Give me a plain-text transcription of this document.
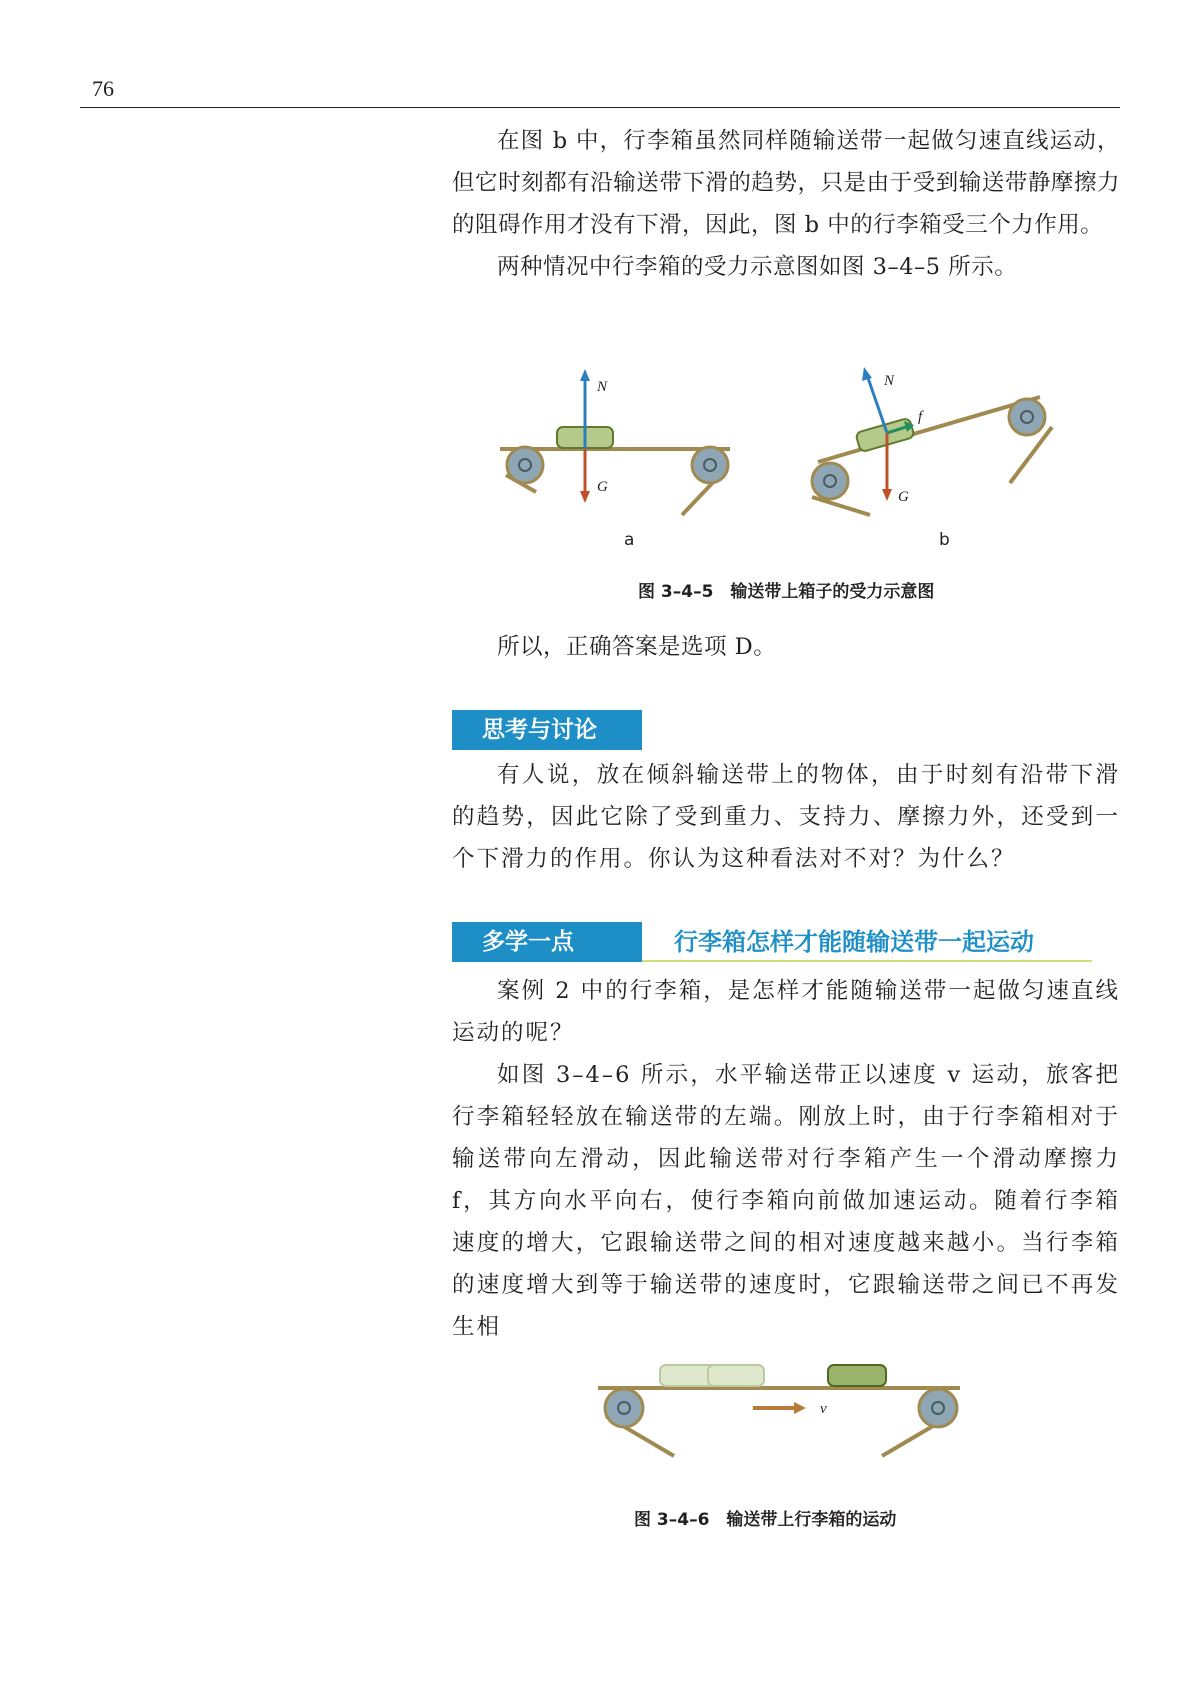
76

在图 b 中，行李箱虽然同样随输送带一起做匀速直线运动，但它时刻都有沿输送带下滑的趋势，只是由于受到输送带静摩擦力的阻碍作用才没有下滑，因此，图 b 中的行李箱受三个力作用。

两种情况中行李箱的受力示意图如图 3–4–5 所示。

N
G
N
f
G
a	b
图 3–4–5　输送带上箱子的受力示意图

所以，正确答案是选项 D。

思考与讨论

有人说，放在倾斜输送带上的物体，由于时刻有沿带下滑的趋势，因此它除了受到重力、支持力、摩擦力外，还受到一个下滑力的作用。你认为这种看法对不对？为什么？

多学一点	行李箱怎样才能随输送带一起运动

案例 2 中的行李箱，是怎样才能随输送带一起做匀速直线运动的呢？

如图 3–4–6 所示，水平输送带正以速度 v 运动，旅客把行李箱轻轻放在输送带的左端。刚放上时，由于行李箱相对于输送带向左滑动，因此输送带对行李箱产生一个滑动摩擦力 f，其方向水平向右，使行李箱向前做加速运动。随着行李箱速度的增大，它跟输送带之间的相对速度越来越小。当行李箱的速度增大到等于输送带的速度时，它跟输送带之间已不再发生相

v
图 3–4–6　输送带上行李箱的运动
